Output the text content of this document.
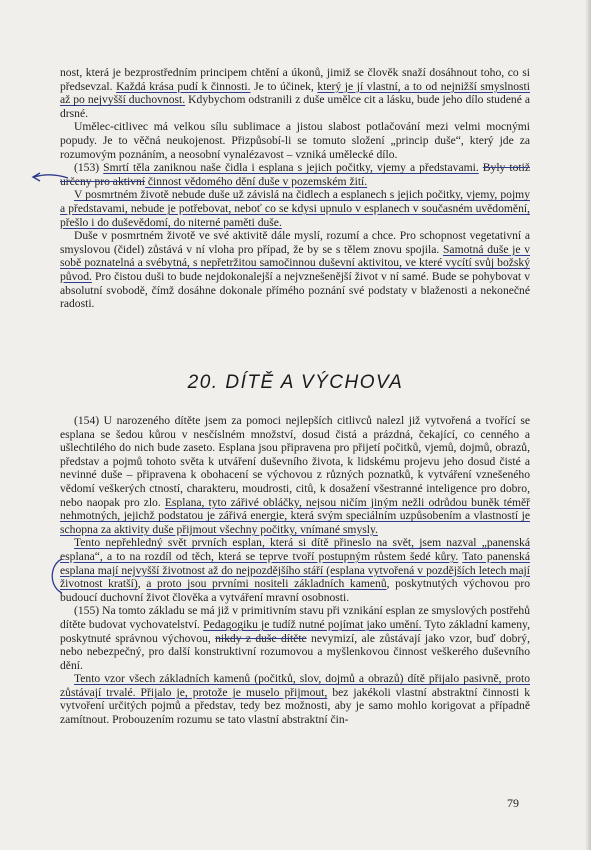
nost, která je bezprostředním principem chtění a úkonů, jimiž se člověk snaží dosáhnout toho, co si předsevzal. Každá krása pudí k činnosti. Je to účinek, který je jí vlastní, a to od nejnižší smyslnosti až po nejvyšší duchovnost. Kdybychom odstranili z duše umělce cit a lásku, bude jeho dílo studené a drsné.

Umělec-citlivec má velkou sílu sublimace a jistou slabost potlačování mezi velmi mocnými popudy. Je to věčná neukojenost. Přizpůsobí-li se tomuto složení „princip duše“, který jde za rozumovým poznáním, a neosobní vynalézavost – vzniká umělecké dílo.

(153) Smrtí těla zaniknou naše čidla i esplana s jejich počitky, vjemy a představami. Byly totiž určeny pro aktivní činnost vědomého dění duše v pozemském žití.

V posmrtném životě nebude duše už závislá na čidlech a esplanech s jejich počitky, vjemy, pojmy a představami, nebude je potřebovat, neboť co se kdysi upnulo v esplanech v současném uvědomění, přešlo i do duševědomí, do niterné paměti duše.

Duše v posmrtném životě ve své aktivitě dále myslí, rozumí a chce. Pro schopnost vegetativní a smyslovou (čidel) zůstává v ní vloha pro případ, že by se s tělem znovu spojila. Samotná duše je v sobě poznatelná a svébytná, s nepřetržitou samočinnou duševní aktivitou, ve které vycítí svůj božský původ. Pro čistou duši to bude nejdokonalejší a nejvznešenější život v ní samé. Bude se pohybovat v absolutní svobodě, čímž dosáhne dokonale přímého poznání své podstaty v blaženosti a nekonečné radosti.

20. DÍTĚ A VÝCHOVA

(154) U narozeného dítěte jsem za pomoci nejlepších citlivců nalezl již vytvořená a tvořící se esplana se šedou kůrou v nesčíslném množství, dosud čistá a prázdná, čekající, co cenného a ušlechtilého do nich bude zaseto. Esplana jsou připravena pro přijetí počitků, vjemů, dojmů, obrazů, představ a pojmů tohoto světa k utváření duševního života, k lidskému projevu jeho dosud čisté a nevinné duše – připravena k obohacení se výchovou z různých poznatků, k vytváření vznešeného vědomí veškerých ctností, charakteru, moudrosti, citů, k dosažení všestranné inteligence pro dobro, nebo naopak pro zlo. Esplana, tyto zářivé obláčky, nejsou ničím jiným nežli odrůdou buněk téměř nehmotných, jejichž podstatou je zářivá energie, která svým speciálním uzpůsobením a vlastností je schopna za aktivity duše přijmout všechny počitky, vnímané smysly.

Tento nepřehledný svět prvních esplan, která si dítě přineslo na svět, jsem nazval „panenská esplana“, a to na rozdíl od těch, která se teprve tvoří postupným růstem šedé kůry. Tato panenská esplana mají nejvyšší životnost až do nejpozdějšího stáří (esplana vytvořená v pozdějších letech mají životnost kratší), a proto jsou prvními nositeli základních kamenů, poskytnutých výchovou pro budoucí duchovní život člověka a vytváření mravní osobnosti.

(155) Na tomto základu se má již v primitivním stavu při vznikání esplan ze smyslových postřehů dítěte budovat vychovatelství. Pedagogiku je tudíž nutné pojímat jako umění. Tyto základní kameny, poskytnuté správnou výchovou, nikdy z duše dítěte nevymizí, ale zůstávají jako vzor, buď dobrý, nebo nebezpečný, pro další konstruktivní rozumovou a myšlenkovou činnost veškerého duševního dění.

Tento vzor všech základních kamenů (počitků, slov, dojmů a obrazů) dítě přijalo pasivně, proto zůstávají trvalé. Přijalo je, protože je muselo přijmout, bez jakékoli vlastní abstraktní činnosti k vytvoření určitých pojmů a představ, tedy bez možnosti, aby je samo mohlo korigovat a případně zamítnout. Probouzením rozumu se tato vlastní abstraktní čin-

79
